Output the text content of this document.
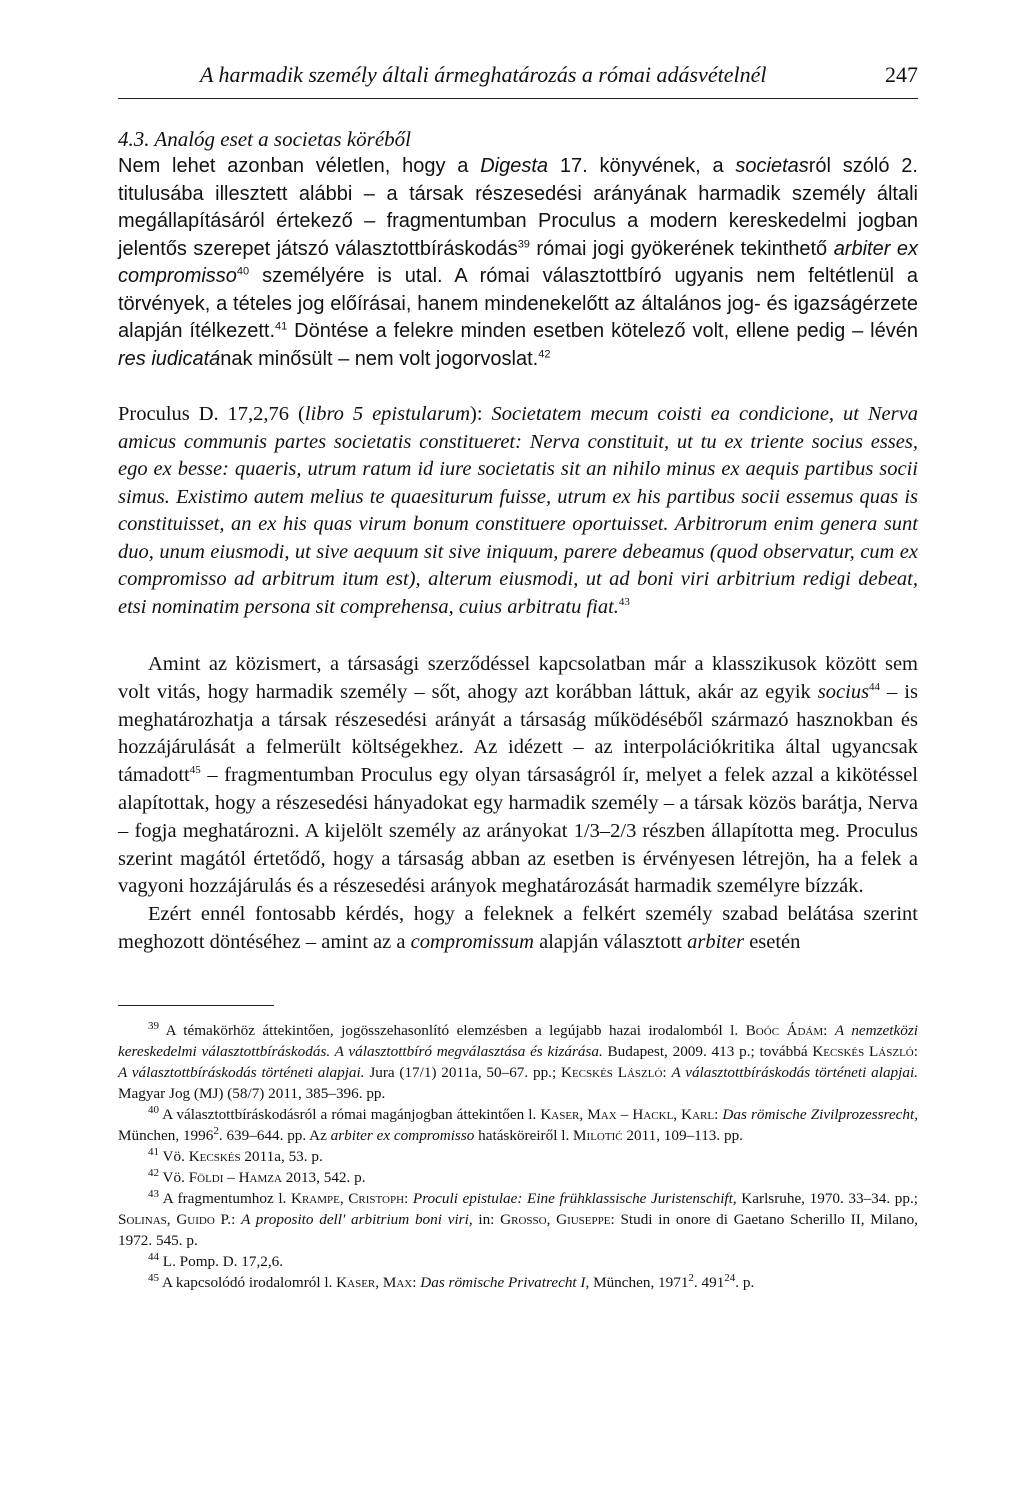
A harmadik személy általi ármeghatározás a római adásvételnél	247
4.3. Analóg eset a societas köréből

Nem lehet azonban véletlen, hogy a Digesta 17. könyvének, a societasról szóló 2. titulusába illesztett alábbi – a társak részesedési arányának harmadik személy általi megállapításáról értekező – fragmentumban Proculus a modern kereskedelmi jogban jelentős szerepet játszó választottbíráskodás$^{39}$ római jogi gyökerének tekinthető arbiter ex compromisso$^{40}$ személyére is utal. A római választottbíró ugyanis nem feltétlenül a törvények, a tételes jog előírásai, hanem mindenekelőtt az általános jog- és igazságérzete alapján ítélkezett.$^{41}$ Döntése a felekre minden esetben kötelező volt, ellene pedig – lévén res iudicatának minősült – nem volt jogorvoslat.$^{42}$

Proculus D. 17,2,76 (libro 5 epistularum): Societatem mecum coisti ea condicione, ut Nerva amicus communis partes societatis constitueret: Nerva constituit, ut tu ex triente socius esses, ego ex besse: quaeris, utrum ratum id iure societatis sit an nihilo minus ex aequis partibus socii simus. Existimo autem melius te quaesiturum fuisse, utrum ex his partibus socii essemus quas is constituisset, an ex his quas virum bonum constituere oportuisset. Arbitrorum enim genera sunt duo, unum eiusmodi, ut sive aequum sit sive iniquum, parere debeamus (quod observatur, cum ex compromisso ad arbitrum itum est), alterum eiusmodi, ut ad boni viri arbitrium redigi debeat, etsi nominatim persona sit comprehensa, cuius arbitratu fiat.$^{43}$

Amint az közismert, a társasági szerződéssel kapcsolatban már a klasszikusok között sem volt vitás, hogy harmadik személy – sőt, ahogy azt korábban láttuk, akár az egyik socius$^{44}$ – is meghatározhatja a társak részesedési arányát a társaság működéséből származó hasznokban és hozzájárulását a felmerült költségekhez. Az idézett – az interpolációkritika által ugyancsak támadott$^{45}$ – fragmentumban Proculus egy olyan társaságról ír, melyet a felek azzal a kikötéssel alapítottak, hogy a részesedési hányadokat egy harmadik személy – a társak közös barátja, Nerva – fogja meghatározni. A kijelölt személy az arányokat 1/3–2/3 részben állapította meg. Proculus szerint magától értetődő, hogy a társaság abban az esetben is érvényesen létrejön, ha a felek a vagyoni hozzájárulás és a részesedési arányok meghatározását harmadik személyre bízzák.

Ezért ennél fontosabb kérdés, hogy a feleknek a felkért személy szabad belátása szerint meghozott döntéséhez – amint az a compromissum alapján választott arbiter esetén

$^{39}$ A témakörhöz áttekintően, jogösszehasonlító elemzésben a legújabb hazai irodalomból l. Boóc Ádám: A nemzetközi kereskedelmi választottbíráskodás. A választottbíró megválasztása és kizárása. Budapest, 2009. 413 p.; továbbá Kecskés László: A választottbíráskodás történeti alapjai. Jura (17/1) 2011a, 50–67. pp.; Kecskés László: A választottbíráskodás történeti alapjai. Magyar Jog (MJ) (58/7) 2011, 385–396. pp.

$^{40}$ A választottbíráskodásról a római magánjogban áttekintően l. Kaser, Max – Hackl, Karl: Das römische Zivilprozessrecht, München, 1996$^2$. 639–644. pp. Az arbiter ex compromisso hatásköreiről l. Milotić 2011, 109–113. pp.

$^{41}$ Vö. Kecskés 2011a, 53. p.

$^{42}$ Vö. Földi – Hamza 2013, 542. p.

$^{43}$ A fragmentumhoz l. Krampe, Cristoph: Proculi epistulae: Eine frühklassische Juristenschift, Karlsruhe, 1970. 33–34. pp.; Solinas, Guido P.: A proposito dell' arbitrium boni viri, in: Grosso, Giuseppe: Studi in onore di Gaetano Scherillo II, Milano, 1972. 545. p.

$^{44}$ L. Pomp. D. 17,2,6.

$^{45}$ A kapcsolódó irodalomról l. Kaser, Max: Das römische Privatrecht I, München, 1971$^2$. $491^{24}$. p.
